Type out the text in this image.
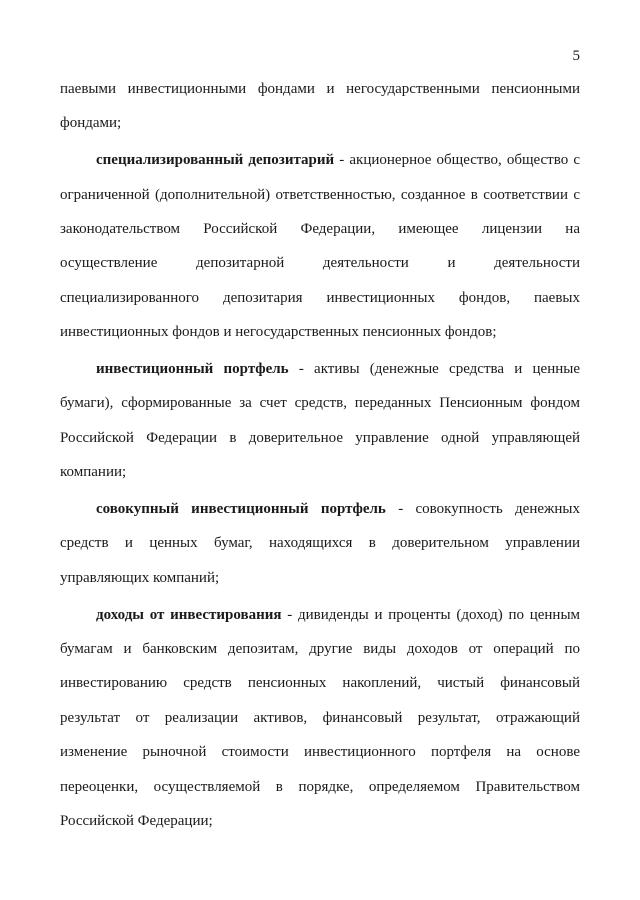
5

паевыми инвестиционными фондами и негосударственными пенсионными фондами;

специализированный депозитарий - акционерное общество, общество с ограниченной (дополнительной) ответственностью, созданное в соответствии с законодательством Российской Федерации, имеющее лицензии на осуществление депозитарной деятельности и деятельности специализированного депозитария инвестиционных фондов, паевых инвестиционных фондов и негосударственных пенсионных фондов;

инвестиционный портфель - активы (денежные средства и ценные бумаги), сформированные за счет средств, переданных Пенсионным фондом Российской Федерации в доверительное управление одной управляющей компании;

совокупный инвестиционный портфель - совокупность денежных средств и ценных бумаг, находящихся в доверительном управлении управляющих компаний;

доходы от инвестирования - дивиденды и проценты (доход) по ценным бумагам и банковским депозитам, другие виды доходов от операций по инвестированию средств пенсионных накоплений, чистый финансовый результат от реализации активов, финансовый результат, отражающий изменение рыночной стоимости инвестиционного портфеля на основе переоценки, осуществляемой в порядке, определяемом Правительством Российской Федерации;
